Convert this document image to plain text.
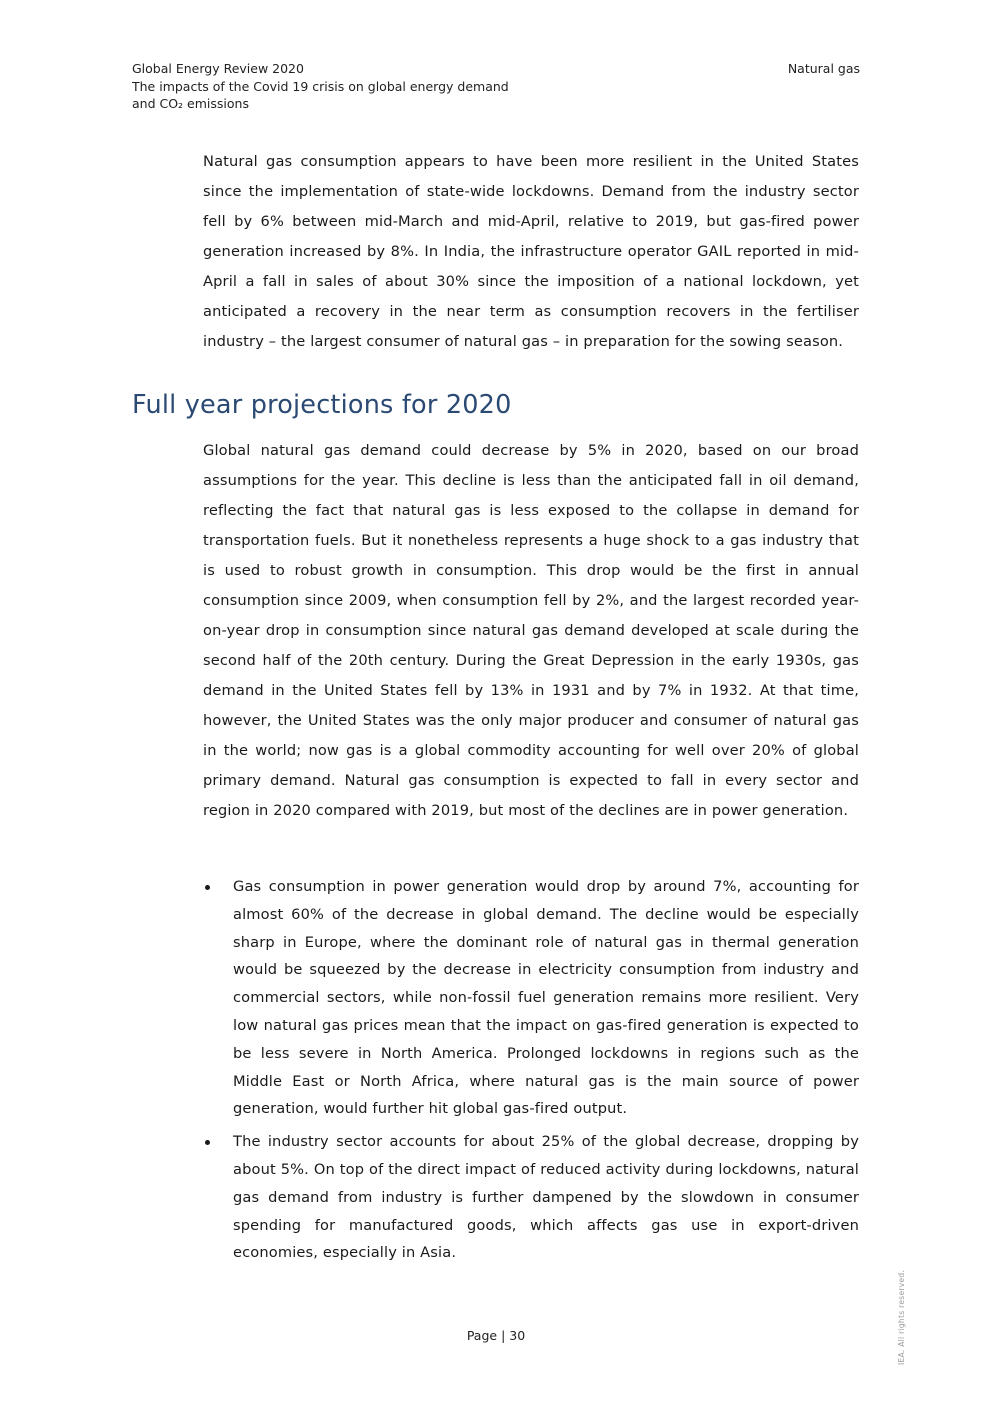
Global Energy Review 2020
The impacts of the Covid 19 crisis on global energy demand
and CO₂ emissions
Natural gas

Natural gas consumption appears to have been more resilient in the United States since the implementation of state-wide lockdowns. Demand from the industry sector fell by 6% between mid-March and mid-April, relative to 2019, but gas-fired power generation increased by 8%. In India, the infrastructure operator GAIL reported in mid-April a fall in sales of about 30% since the imposition of a national lockdown, yet anticipated a recovery in the near term as consumption recovers in the fertiliser industry – the largest consumer of natural gas – in preparation for the sowing season.

Full year projections for 2020

Global natural gas demand could decrease by 5% in 2020, based on our broad assumptions for the year. This decline is less than the anticipated fall in oil demand, reflecting the fact that natural gas is less exposed to the collapse in demand for transportation fuels. But it nonetheless represents a huge shock to a gas industry that is used to robust growth in consumption. This drop would be the first in annual consumption since 2009, when consumption fell by 2%, and the largest recorded year-on-year drop in consumption since natural gas demand developed at scale during the second half of the 20th century. During the Great Depression in the early 1930s, gas demand in the United States fell by 13% in 1931 and by 7% in 1932. At that time, however, the United States was the only major producer and consumer of natural gas in the world; now gas is a global commodity accounting for well over 20% of global primary demand. Natural gas consumption is expected to fall in every sector and region in 2020 compared with 2019, but most of the declines are in power generation.

Gas consumption in power generation would drop by around 7%, accounting for almost 60% of the decrease in global demand. The decline would be especially sharp in Europe, where the dominant role of natural gas in thermal generation would be squeezed by the decrease in electricity consumption from industry and commercial sectors, while non-fossil fuel generation remains more resilient. Very low natural gas prices mean that the impact on gas-fired generation is expected to be less severe in North America. Prolonged lockdowns in regions such as the Middle East or North Africa, where natural gas is the main source of power generation, would further hit global gas-fired output.
The industry sector accounts for about 25% of the global decrease, dropping by about 5%. On top of the direct impact of reduced activity during lockdowns, natural gas demand from industry is further dampened by the slowdown in consumer spending for manufactured goods, which affects gas use in export-driven economies, especially in Asia.
Page | 30	IEA. All rights reserved.
